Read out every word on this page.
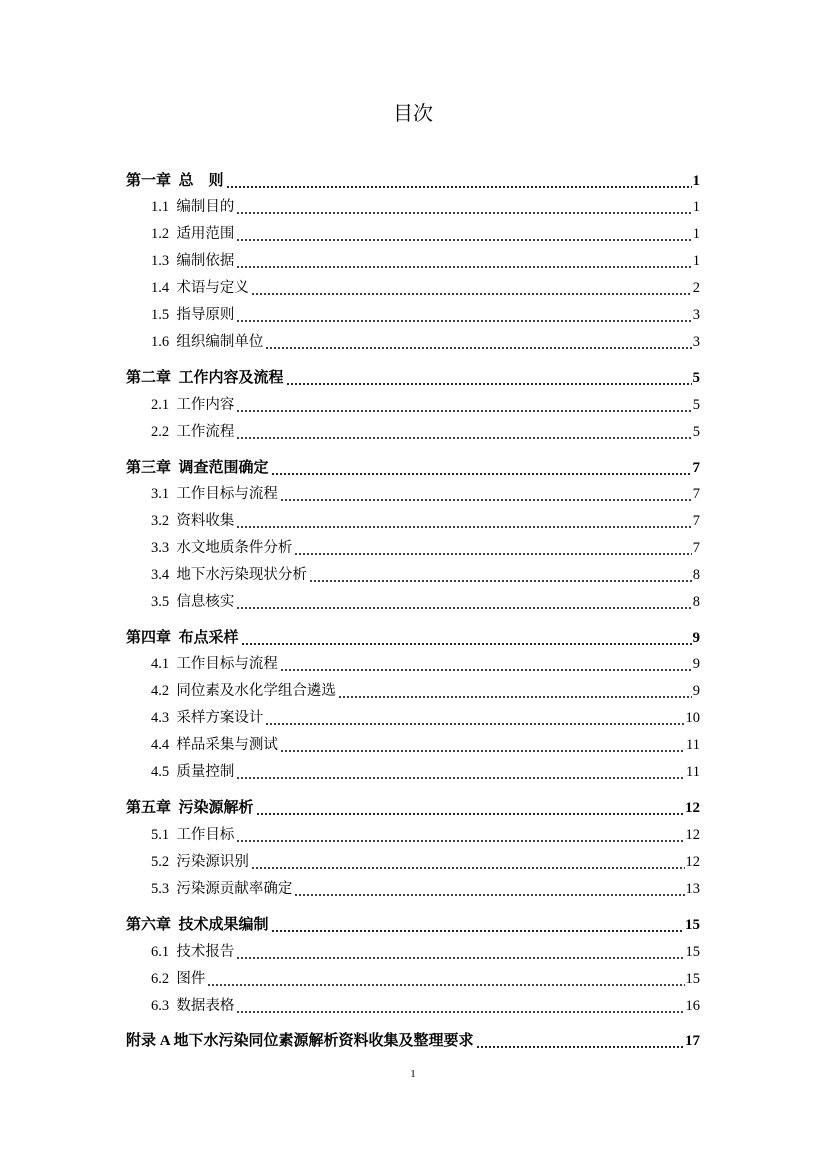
目次
第一章  总    则	1
1.1  编制目的	1
1.2  适用范围	1
1.3  编制依据	1
1.4  术语与定义	2
1.5  指导原则	3
1.6  组织编制单位	3
第二章  工作内容及流程	5
2.1  工作内容	5
2.2  工作流程	5
第三章  调查范围确定	7
3.1  工作目标与流程	7
3.2  资料收集	7
3.3  水文地质条件分析	7
3.4  地下水污染现状分析	8
3.5  信息核实	8
第四章  布点采样	9
4.1  工作目标与流程	9
4.2  同位素及水化学组合遴选	9
4.3  采样方案设计	10
4.4  样品采集与测试	11
4.5  质量控制	11
第五章  污染源解析	12
5.1  工作目标	12
5.2  污染源识别	12
5.3  污染源贡献率确定	13
第六章  技术成果编制	15
6.1  技术报告	15
6.2  图件	15
6.3  数据表格	16
附录 A 地下水污染同位素源解析资料收集及整理要求	17
1
